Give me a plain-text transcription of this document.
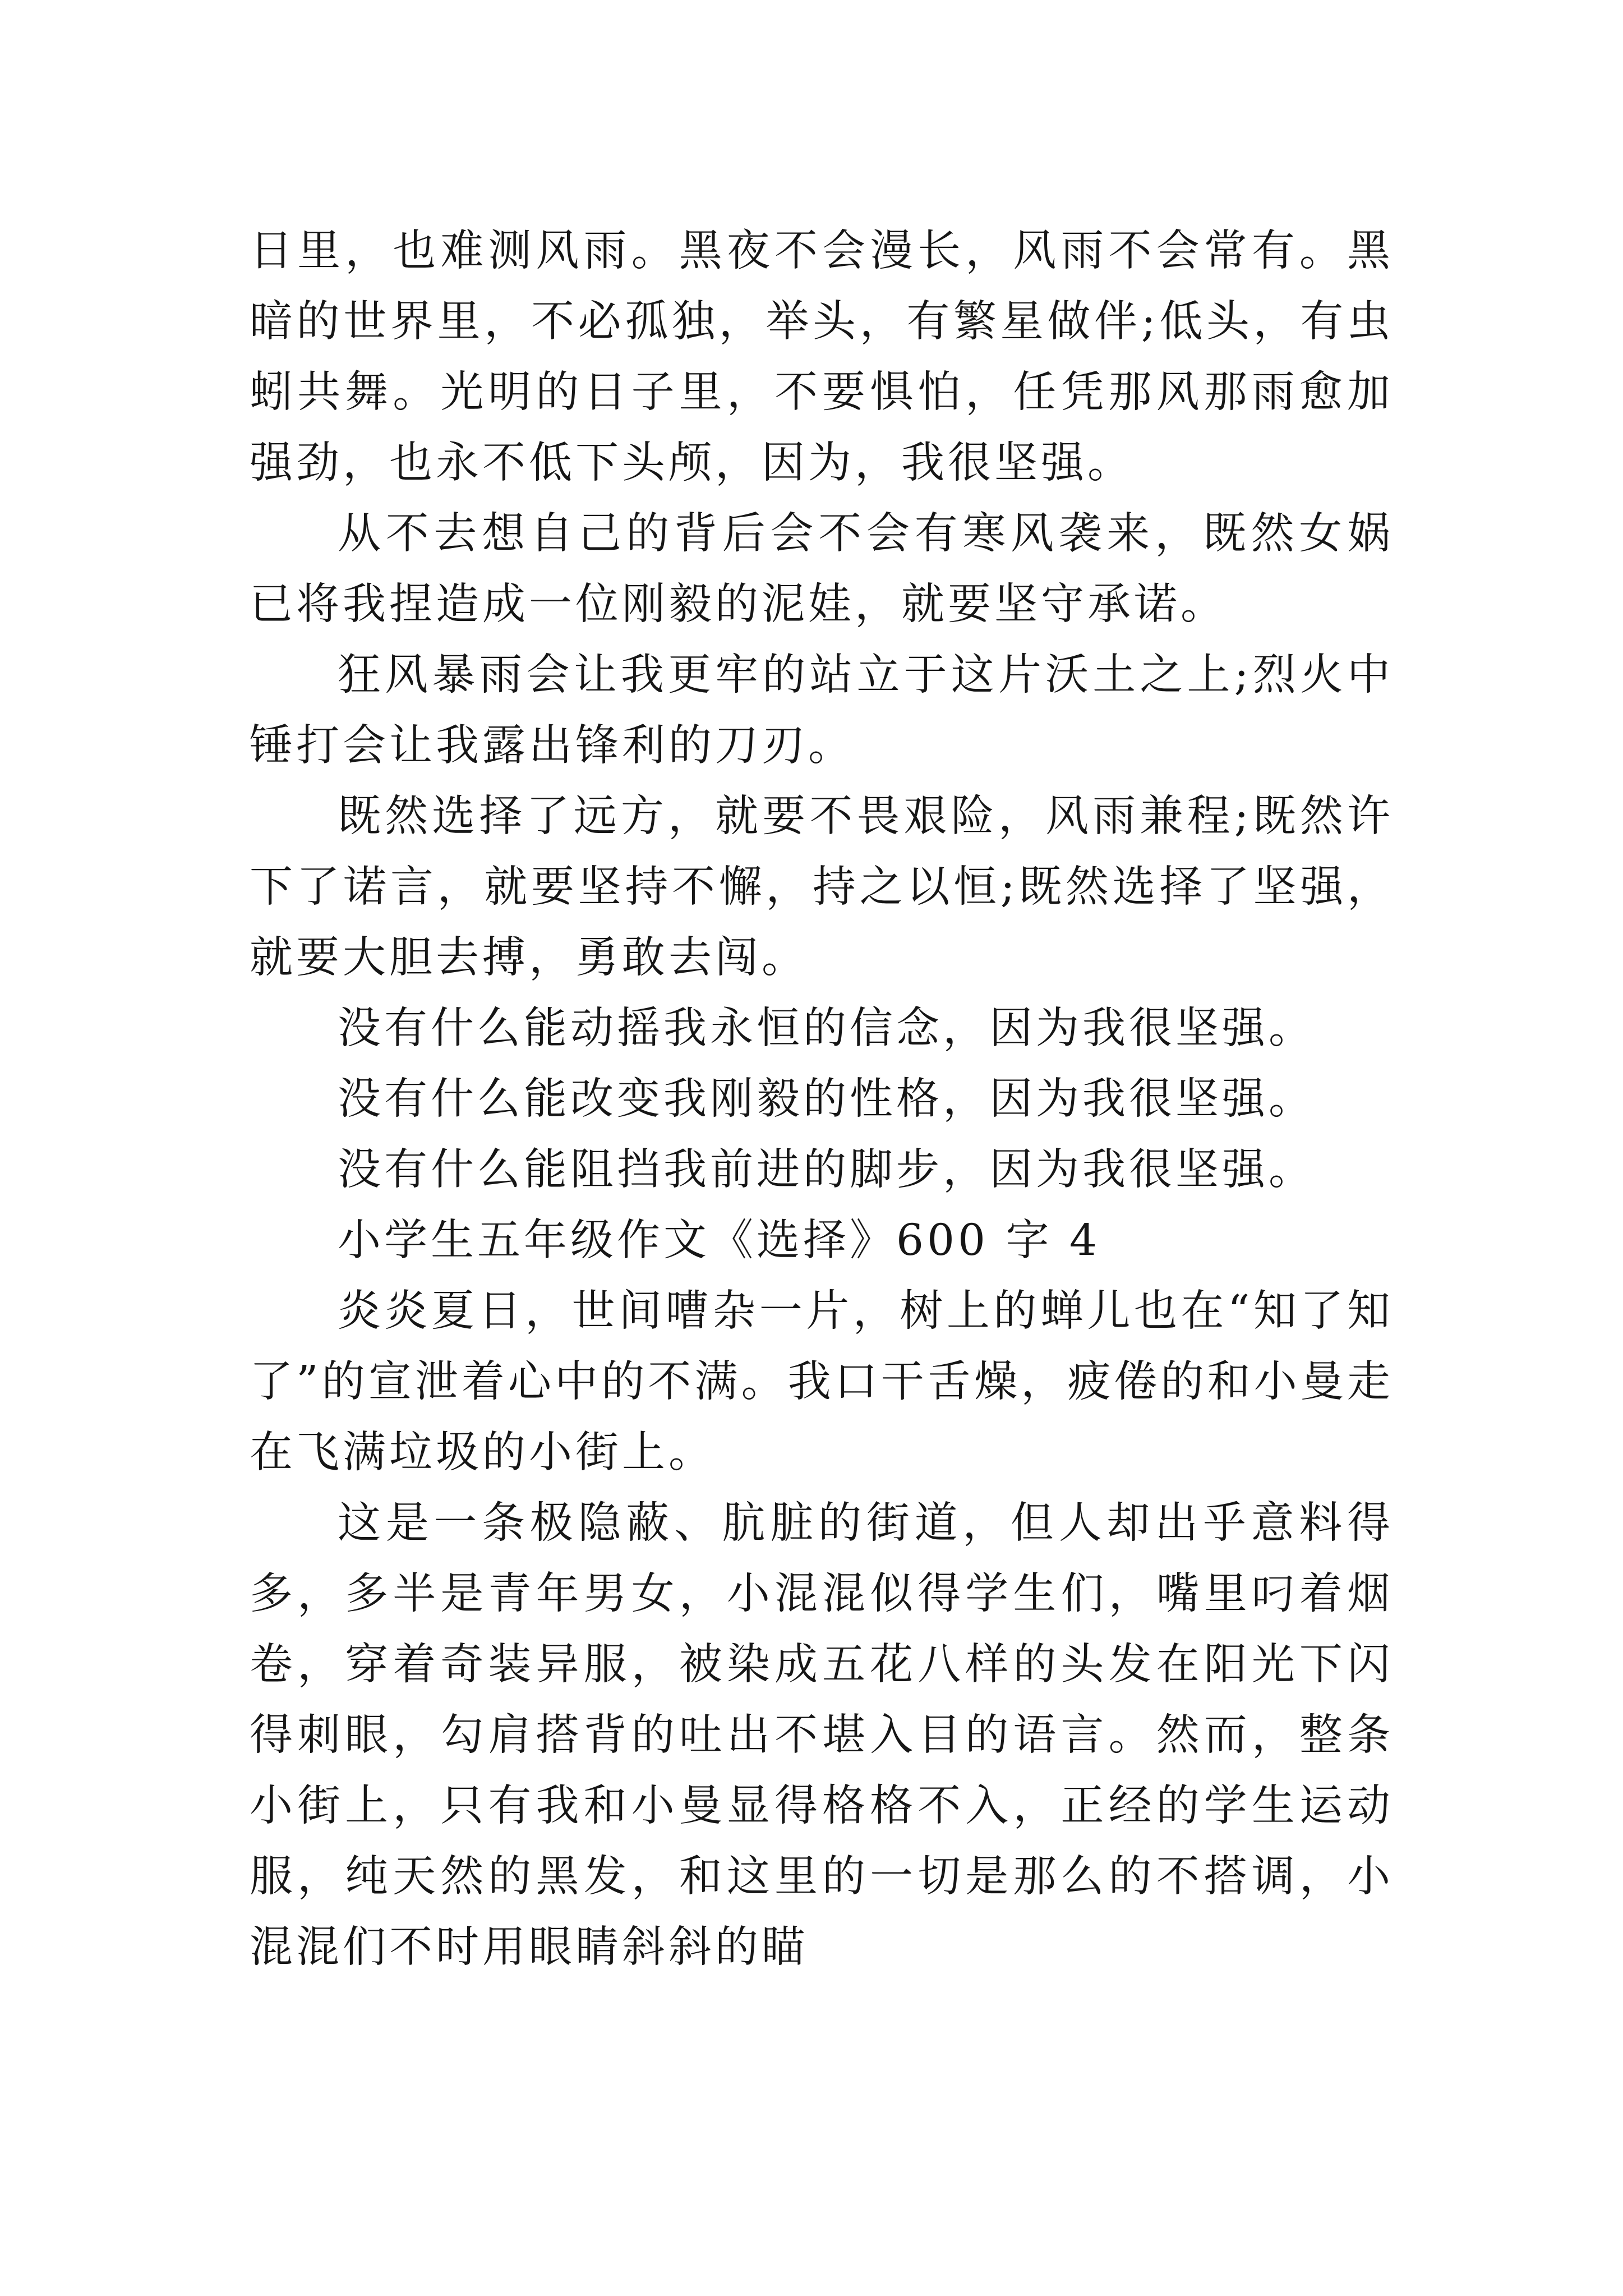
日里，也难测风雨。黑夜不会漫长，风雨不会常有。黑暗的世界里，不必孤独，举头，有繁星做伴;低头，有虫蚓共舞。光明的日子里，不要惧怕，任凭那风那雨愈加强劲，也永不低下头颅，因为，我很坚强。

从不去想自己的背后会不会有寒风袭来，既然女娲已将我捏造成一位刚毅的泥娃，就要坚守承诺。

狂风暴雨会让我更牢的站立于这片沃土之上;烈火中锤打会让我露出锋利的刀刃。

既然选择了远方，就要不畏艰险，风雨兼程;既然许下了诺言，就要坚持不懈，持之以恒;既然选择了坚强，就要大胆去搏，勇敢去闯。

没有什么能动摇我永恒的信念，因为我很坚强。

没有什么能改变我刚毅的性格，因为我很坚强。

没有什么能阻挡我前进的脚步，因为我很坚强。

小学生五年级作文《选择》600 字 4

炎炎夏日，世间嘈杂一片，树上的蝉儿也在“知了知了”的宣泄着心中的不满。我口干舌燥，疲倦的和小曼走在飞满垃圾的小街上。

这是一条极隐蔽、肮脏的街道，但人却出乎意料得多，多半是青年男女，小混混似得学生们，嘴里叼着烟卷，穿着奇装异服，被染成五花八样的头发在阳光下闪得刺眼，勾肩搭背的吐出不堪入目的语言。然而，整条小街上，只有我和小曼显得格格不入，正经的学生运动服，纯天然的黑发，和这里的一切是那么的不搭调，小混混们不时用眼睛斜斜的瞄
